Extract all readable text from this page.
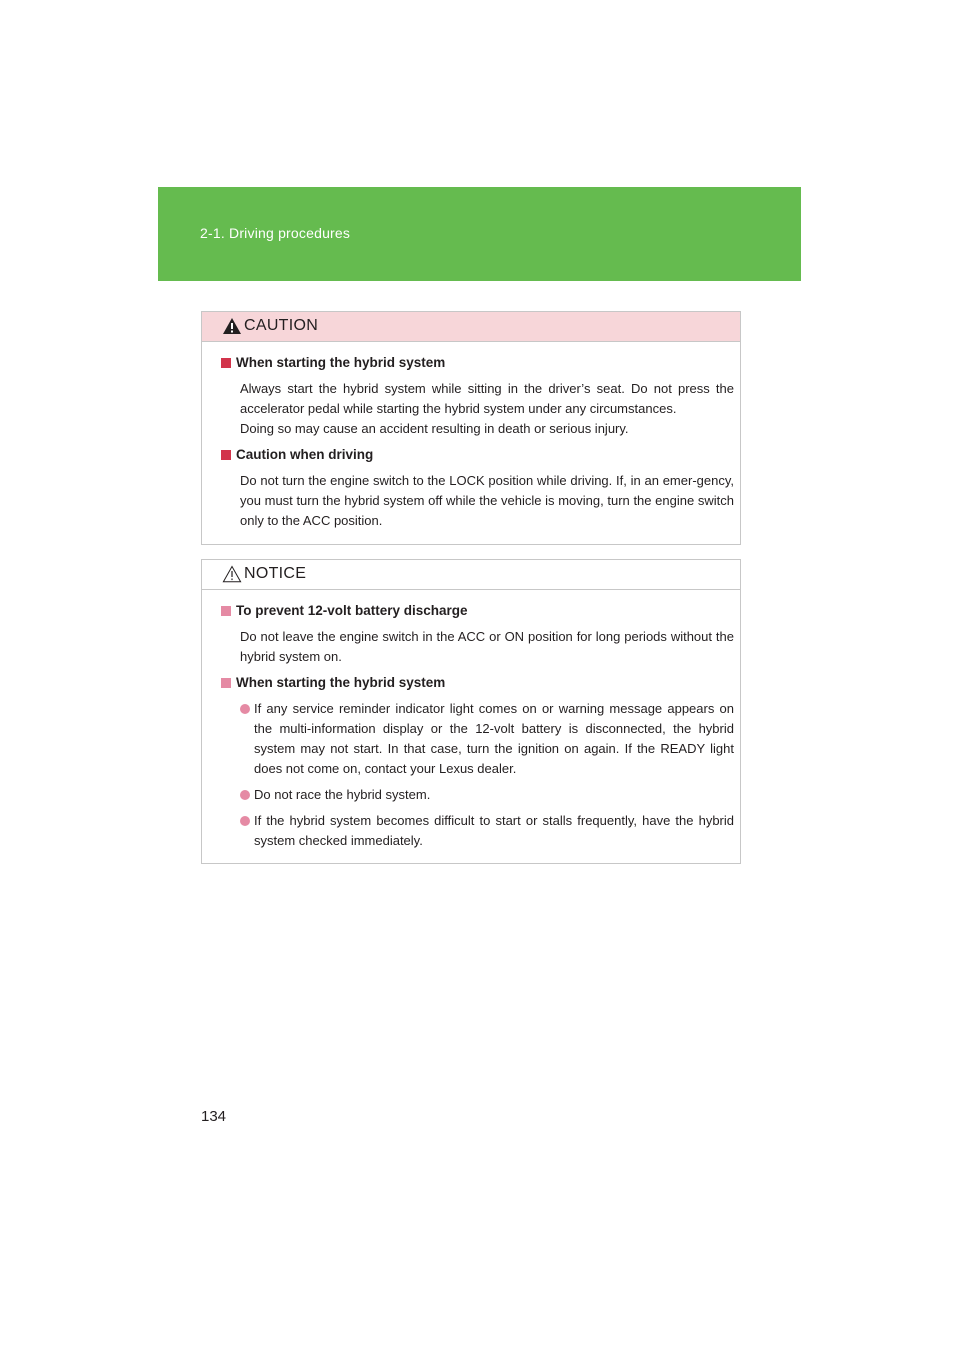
2-1. Driving procedures
CAUTION
When starting the hybrid system

Always start the hybrid system while sitting in the driver’s seat. Do not press the accelerator pedal while starting the hybrid system under any circumstances.

Doing so may cause an accident resulting in death or serious injury.

Caution when driving

Do not turn the engine switch to the LOCK position while driving. If, in an emer-gency, you must turn the hybrid system off while the vehicle is moving, turn the engine switch only to the ACC position.

NOTICE
To prevent 12-volt battery discharge

Do not leave the engine switch in the ACC or ON position for long periods without the hybrid system on.

When starting the hybrid system
If any service reminder indicator light comes on or warning message appears on the multi-information display or the 12-volt battery is disconnected, the hybrid system may not start. In that case, turn the ignition on again. If the READY light does not come on, contact your Lexus dealer.
Do not race the hybrid system.
If the hybrid system becomes difficult to start or stalls frequently, have the hybrid system checked immediately.
134
